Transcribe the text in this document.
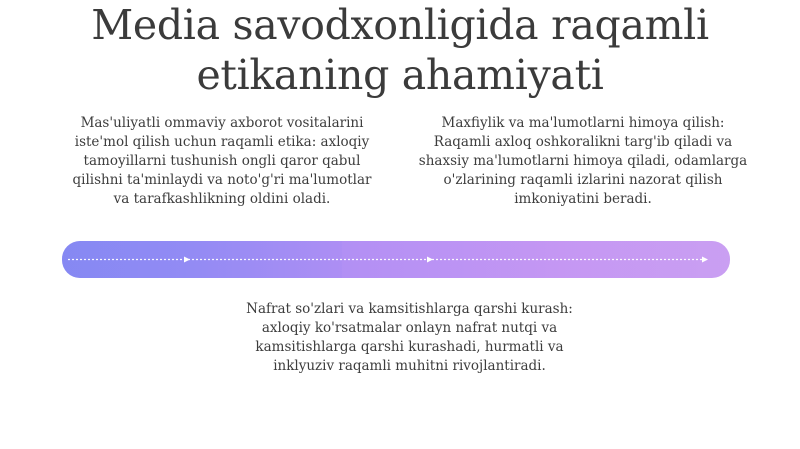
Media savodxonligida raqamli etikaning ahamiyati
Mas'uliyatli ommaviy axborot vositalarini iste'mol qilish uchun raqamli etika: axloqiy tamoyillarni tushunish ongli qaror qabul qilishni ta'minlaydi va noto'g'ri ma'lumotlar va tarafkashlikning oldini oladi.
Maxfiylik va ma'lumotlarni himoya qilish: Raqamli axloq oshkoralikni targ'ib qiladi va shaxsiy ma'lumotlarni himoya qiladi, odamlarga o'zlarining raqamli izlarini nazorat qilish imkoniyatini beradi.
Nafrat so'zlari va kamsitishlarga qarshi kurash: axloqiy ko'rsatmalar onlayn nafrat nutqi va kamsitishlarga qarshi kurashadi, hurmatli va inklyuziv raqamli muhitni rivojlantiradi.
